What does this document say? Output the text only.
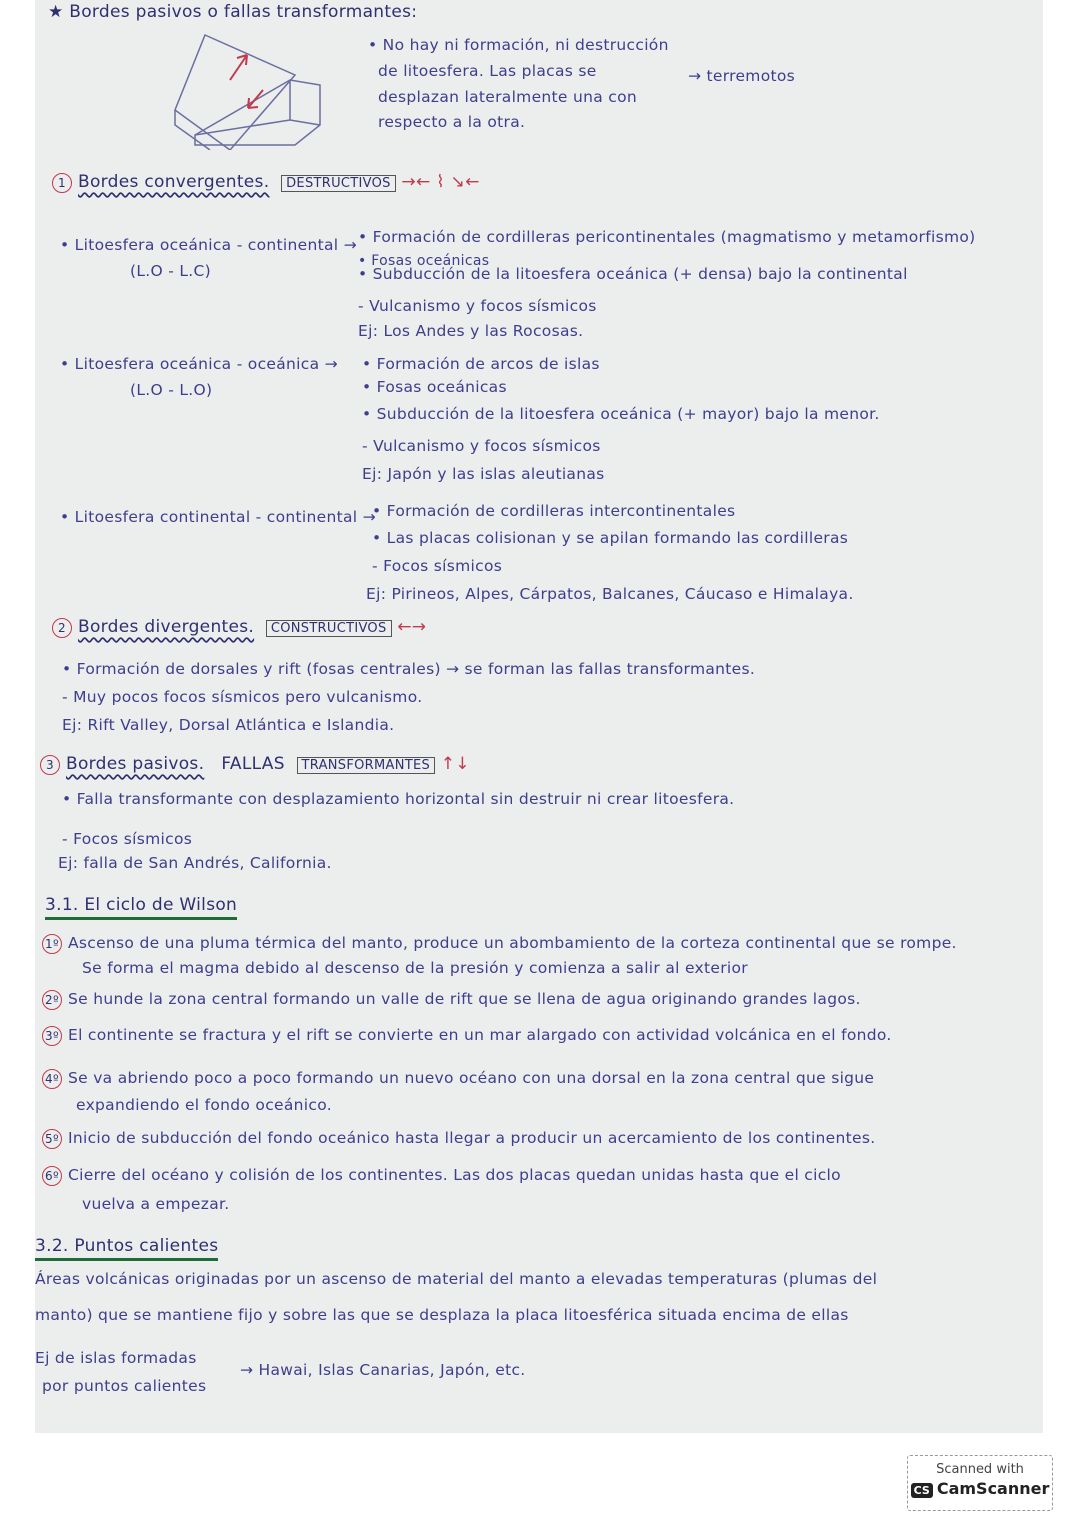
★ Bordes pasivos o fallas transformantes:
• No hay ni formación, ni destrucción
de litoesfera. Las placas se
desplazan lateralmente una con
respecto a la otra.
→ terremotos
1 Bordes convergentes. DESTRUCTIVOS →← ⌇ ↘←
• Litoesfera oceánica - continental →
(L.O - L.C)
• Formación de cordilleras pericontinentales (magmatismo y metamorfismo)
• Fosas oceánicas
• Subducción de la litoesfera oceánica (+ densa) bajo la continental
- Vulcanismo y focos sísmicos
Ej: Los Andes y las Rocosas.
• Litoesfera oceánica - oceánica →
(L.O - L.O)
• Formación de arcos de islas
• Fosas oceánicas
• Subducción de la litoesfera oceánica (+ mayor) bajo la menor.
- Vulcanismo y focos sísmicos
Ej: Japón y las islas aleutianas
• Litoesfera continental - continental →
• Formación de cordilleras intercontinentales
• Las placas colisionan y se apilan formando las cordilleras
- Focos sísmicos
Ej: Pirineos, Alpes, Cárpatos, Balcanes, Cáucaso e Himalaya.
2 Bordes divergentes. CONSTRUCTIVOS ←→
• Formación de dorsales y rift (fosas centrales) → se forman las fallas transformantes.
- Muy pocos focos sísmicos pero vulcanismo.
Ej: Rift Valley, Dorsal Atlántica e Islandia.
3 Bordes pasivos. FALLAS TRANSFORMANTES ↑↓
• Falla transformante con desplazamiento horizontal sin destruir ni crear litoesfera.
- Focos sísmicos
Ej: falla de San Andrés, California.
3.1. El ciclo de Wilson
1º Ascenso de una pluma térmica del manto, produce un abombamiento de la corteza continental que se rompe.
Se forma el magma debido al descenso de la presión y comienza a salir al exterior
2º Se hunde la zona central formando un valle de rift que se llena de agua originando grandes lagos.
3º El continente se fractura y el rift se convierte en un mar alargado con actividad volcánica en el fondo.
4º Se va abriendo poco a poco formando un nuevo océano con una dorsal en la zona central que sigue
expandiendo el fondo oceánico.
5º Inicio de subducción del fondo oceánico hasta llegar a producir un acercamiento de los continentes.
6º Cierre del océano y colisión de los continentes. Las dos placas quedan unidas hasta que el ciclo
vuelva a empezar.
3.2. Puntos calientes
Áreas volcánicas originadas por un ascenso de material del manto a elevadas temperaturas (plumas del
manto) que se mantiene fijo y sobre las que se desplaza la placa litoesférica situada encima de ellas
Ej de islas formadas
por puntos calientes
→ Hawai, Islas Canarias, Japón, etc.
Scanned with
CS CamScanner
